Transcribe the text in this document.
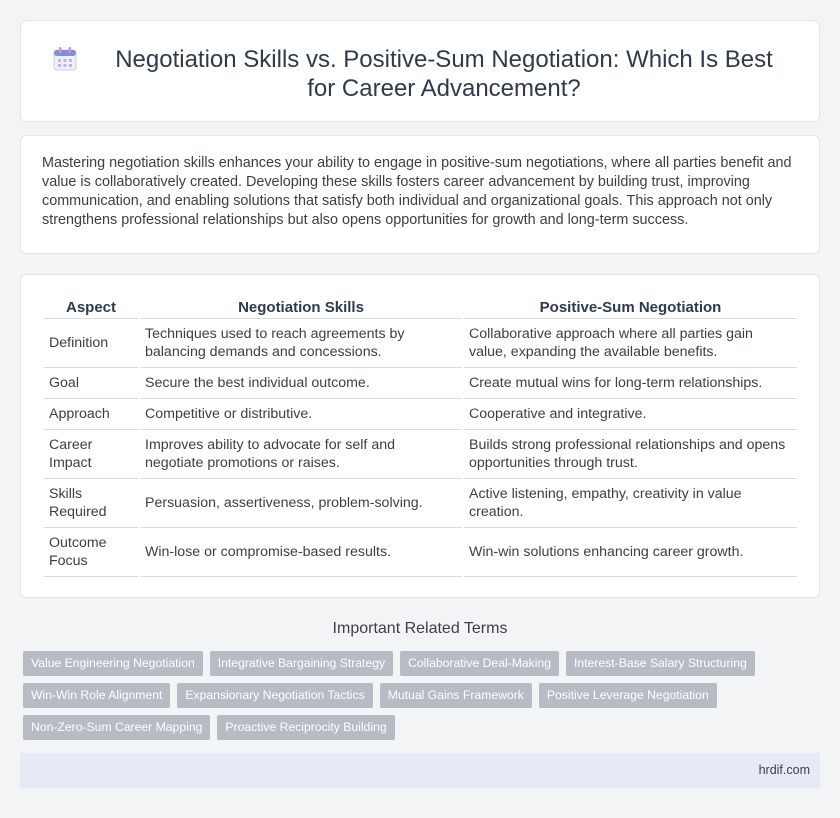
Negotiation Skills vs. Positive-Sum Negotiation: Which Is Best for Career Advancement?

Mastering negotiation skills enhances your ability to engage in positive-sum negotiations, where all parties benefit and value is collaboratively created. Developing these skills fosters career advancement by building trust, improving communication, and enabling solutions that satisfy both individual and organizational goals. This approach not only strengthens professional relationships but also opens opportunities for growth and long-term success.

Aspect	Negotiation Skills	Positive-Sum Negotiation
Definition	Techniques used to reach agreements by balancing demands and concessions.	Collaborative approach where all parties gain value, expanding the available benefits.
Goal	Secure the best individual outcome.	Create mutual wins for long-term relationships.
Approach	Competitive or distributive.	Cooperative and integrative.
Career Impact	Improves ability to advocate for self and negotiate promotions or raises.	Builds strong professional relationships and opens opportunities through trust.
Skills Required	Persuasion, assertiveness, problem-solving.	Active listening, empathy, creativity in value creation.
Outcome Focus	Win-lose or compromise-based results.	Win-win solutions enhancing career growth.
Important Related Terms
Value Engineering Negotiation	Integrative Bargaining Strategy	Collaborative Deal-Making	Interest-Base Salary Structuring
Win-Win Role Alignment	Expansionary Negotiation Tactics	Mutual Gains Framework	Positive Leverage Negotiation
Non-Zero-Sum Career Mapping	Proactive Reciprocity Building
hrdif.com
